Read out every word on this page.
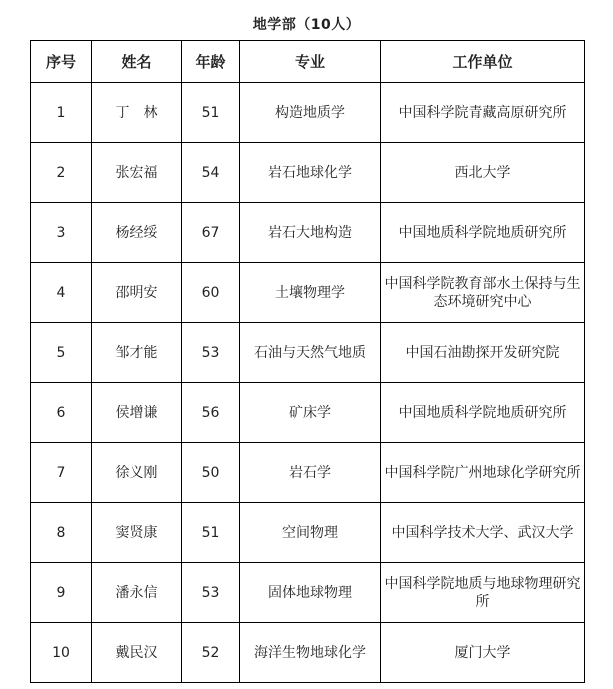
地学部（10人）
序号	姓名	年龄	专业	工作单位
1	丁　林	51	构造地质学	中国科学院青藏高原研究所
2	张宏福	54	岩石地球化学	西北大学
3	杨经绥	67	岩石大地构造	中国地质科学院地质研究所
4	邵明安	60	土壤物理学	中国科学院教育部水土保持与生态环境研究中心
5	邹才能	53	石油与天然气地质	中国石油勘探开发研究院
6	侯增谦	56	矿床学	中国地质科学院地质研究所
7	徐义刚	50	岩石学	中国科学院广州地球化学研究所
8	窦贤康	51	空间物理	中国科学技术大学、武汉大学
9	潘永信	53	固体地球物理	中国科学院地质与地球物理研究所
10	戴民汉	52	海洋生物地球化学	厦门大学
